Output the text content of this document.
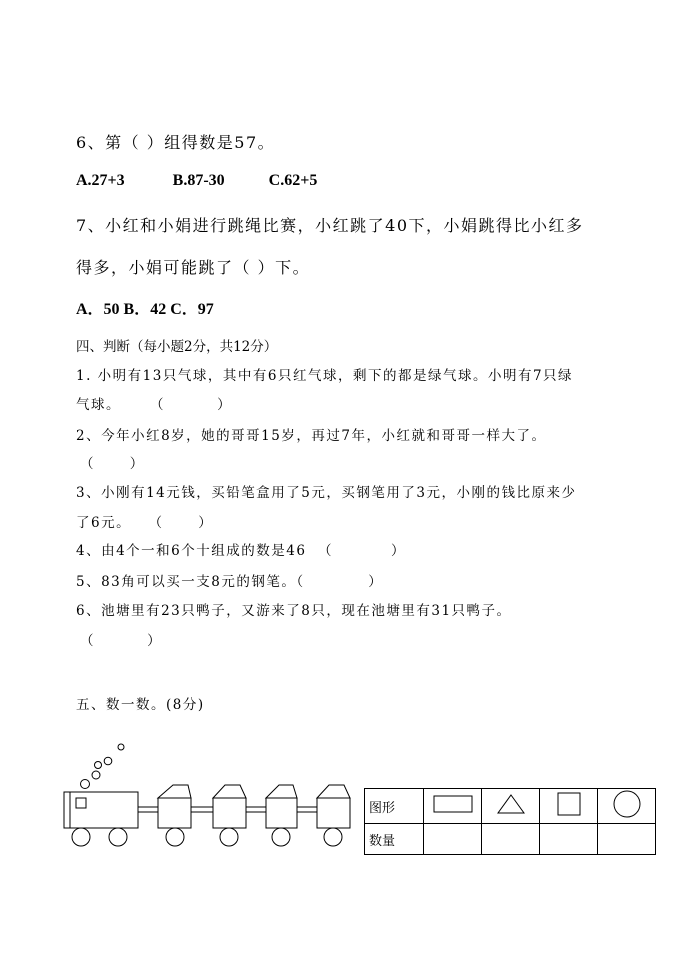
6、第（ ）组得数是57。
A.27+3            B.87-30           C.62+5
7、小红和小娟进行跳绳比赛，小红跳了40下，小娟跳得比小红多
得多，小娟可能跳了（ ）下。
A．50 B．42 C．97
四、判断（每小题2分，共12分）
1. 小明有13只气球，其中有6只红气球，剩下的都是绿气球。小明有7只绿
气球。     （         ）
2、今年小红8岁，她的哥哥15岁，再过7年，小红就和哥哥一样大了。
（      ）
3、小刚有14元钱，买铅笔盒用了5元，买钢笔用了3元，小刚的钱比原来少
了6元。   （      ）
4、由4个一和6个十组成的数是46  （          ）
5、83角可以买一支8元的钢笔。（           ）
6、池塘里有23只鸭子，又游来了8只，现在池塘里有31只鸭子。
（         ）
五、数一数。(8分)
图形				
数量				
